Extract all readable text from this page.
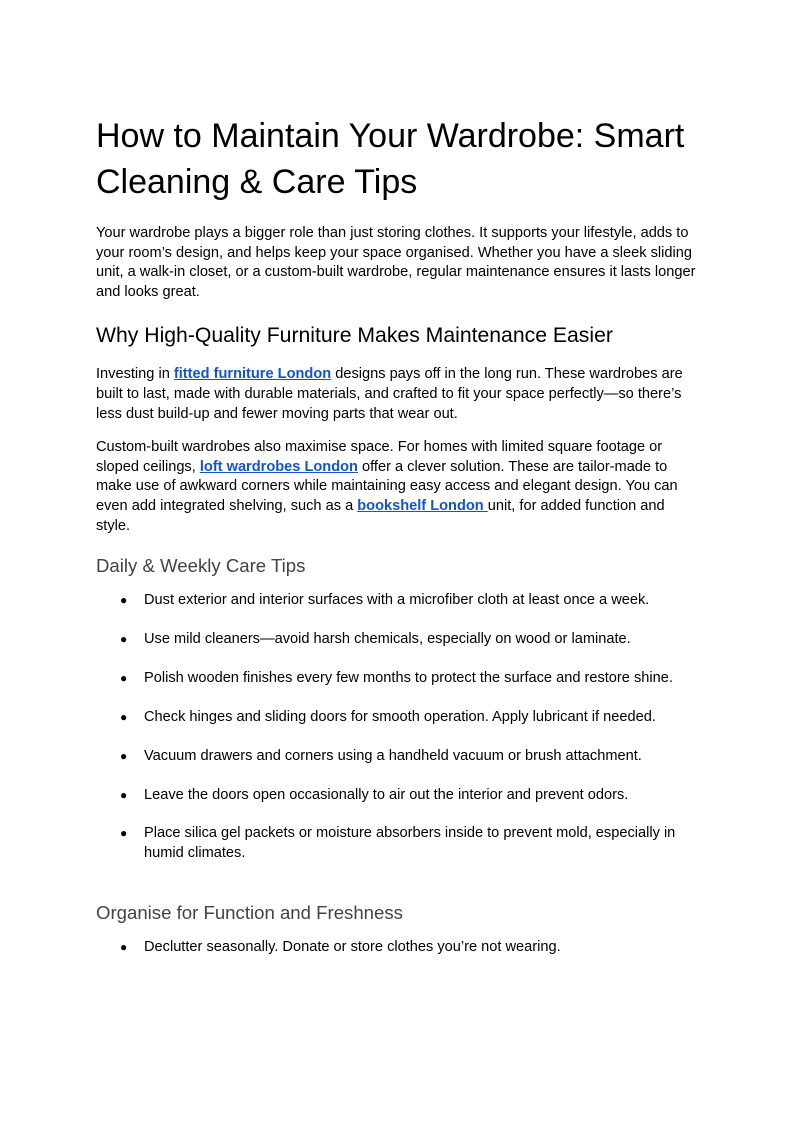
How to Maintain Your Wardrobe: Smart Cleaning & Care Tips

Your wardrobe plays a bigger role than just storing clothes. It supports your lifestyle, adds to your room’s design, and helps keep your space organised. Whether you have a sleek sliding unit, a walk-in closet, or a custom-built wardrobe, regular maintenance ensures it lasts longer and looks great.

Why High-Quality Furniture Makes Maintenance Easier

Investing in fitted furniture London designs pays off in the long run. These wardrobes are built to last, made with durable materials, and crafted to fit your space perfectly—so there’s less dust build-up and fewer moving parts that wear out.

Custom-built wardrobes also maximise space. For homes with limited square footage or sloped ceilings, loft wardrobes London offer a clever solution. These are tailor-made to make use of awkward corners while maintaining easy access and elegant design. You can even add integrated shelving, such as a bookshelf London unit, for added function and style.

Daily & Weekly Care Tips
● Dust exterior and interior surfaces with a microfiber cloth at least once a week.
● Use mild cleaners—avoid harsh chemicals, especially on wood or laminate.
● Polish wooden finishes every few months to protect the surface and restore shine.
● Check hinges and sliding doors for smooth operation. Apply lubricant if needed.
● Vacuum drawers and corners using a handheld vacuum or brush attachment.
● Leave the doors open occasionally to air out the interior and prevent odors.
● Place silica gel packets or moisture absorbers inside to prevent mold, especially in humid climates.
Organise for Function and Freshness
● Declutter seasonally. Donate or store clothes you’re not wearing.
